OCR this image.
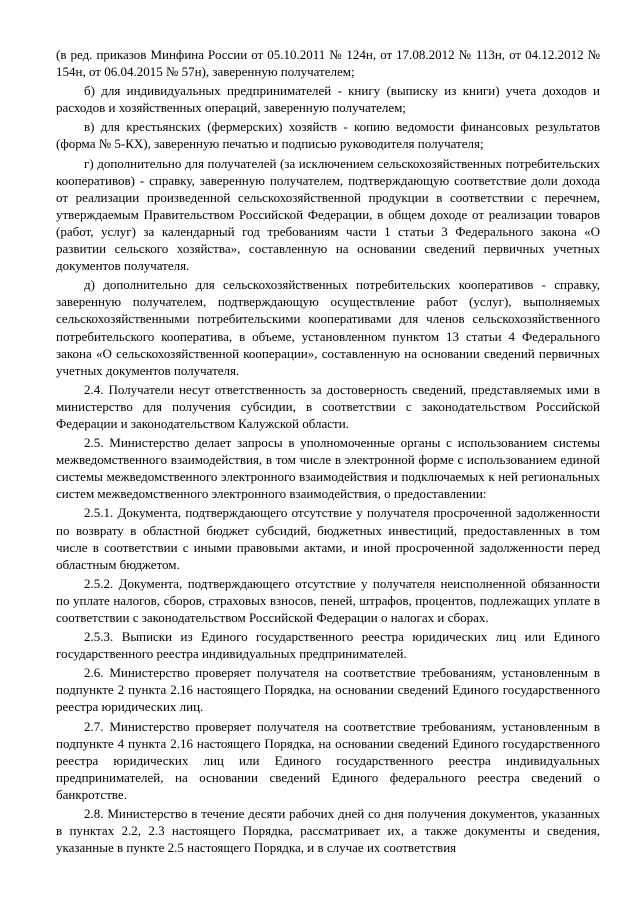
(в ред. приказов Минфина России от 05.10.2011 № 124н, от 17.08.2012 № 113н, от 04.12.2012 № 154н, от 06.04.2015 № 57н), заверенную получателем;

б) для индивидуальных предпринимателей - книгу (выписку из книги) учета доходов и расходов и хозяйственных операций, заверенную получателем;

в) для крестьянских (фермерских) хозяйств - копию ведомости финансовых результатов (форма № 5-КХ), заверенную печатью и подписью руководителя получателя;

г) дополнительно для получателей (за исключением сельскохозяйственных потребительских кооперативов) - справку, заверенную получателем, подтверждающую соответствие доли дохода от реализации произведенной сельскохозяйственной продукции в соответствии с перечнем, утверждаемым Правительством Российской Федерации, в общем доходе от реализации товаров (работ, услуг) за календарный год требованиям части 1 статьи 3 Федерального закона «О развитии сельского хозяйства», составленную на основании сведений первичных учетных документов получателя.

д) дополнительно для сельскохозяйственных потребительских кооперативов - справку, заверенную получателем, подтверждающую осуществление работ (услуг), выполняемых сельскохозяйственными потребительскими кооперативами для членов сельскохозяйственного потребительского кооператива, в объеме, установленном пунктом 13 статьи 4 Федерального закона «О сельскохозяйственной кооперации», составленную на основании сведений первичных учетных документов получателя.

2.4. Получатели несут ответственность за достоверность сведений, представляемых ими в министерство для получения субсидии, в соответствии с законодательством Российской Федерации и законодательством Калужской области.

2.5. Министерство делает запросы в уполномоченные органы с использованием системы межведомственного взаимодействия, в том числе в электронной форме с использованием единой системы межведомственного электронного взаимодействия и подключаемых к ней региональных систем межведомственного электронного взаимодействия, о предоставлении:

2.5.1. Документа, подтверждающего отсутствие у получателя просроченной задолженности по возврату в областной бюджет субсидий, бюджетных инвестиций, предоставленных в том числе в соответствии с иными правовыми актами, и иной просроченной задолженности перед областным бюджетом.

2.5.2. Документа, подтверждающего отсутствие у получателя неисполненной обязанности по уплате налогов, сборов, страховых взносов, пеней, штрафов, процентов, подлежащих уплате в соответствии с законодательством Российской Федерации о налогах и сборах.

2.5.3. Выписки из Единого государственного реестра юридических лиц или Единого государственного реестра индивидуальных предпринимателей.

2.6. Министерство проверяет получателя на соответствие требованиям, установленным в подпункте 2 пункта 2.16 настоящего Порядка, на основании сведений Единого государственного реестра юридических лиц.

2.7. Министерство проверяет получателя на соответствие требованиям, установленным в подпункте 4 пункта 2.16 настоящего Порядка, на основании сведений Единого государственного реестра юридических лиц или Единого государственного реестра индивидуальных предпринимателей, на основании сведений Единого федерального реестра сведений о банкротстве.

2.8. Министерство в течение десяти рабочих дней со дня получения документов, указанных в пунктах 2.2, 2.3 настоящего Порядка, рассматривает их, а также документы и сведения, указанные в пункте 2.5 настоящего Порядка, и в случае их соответствия
